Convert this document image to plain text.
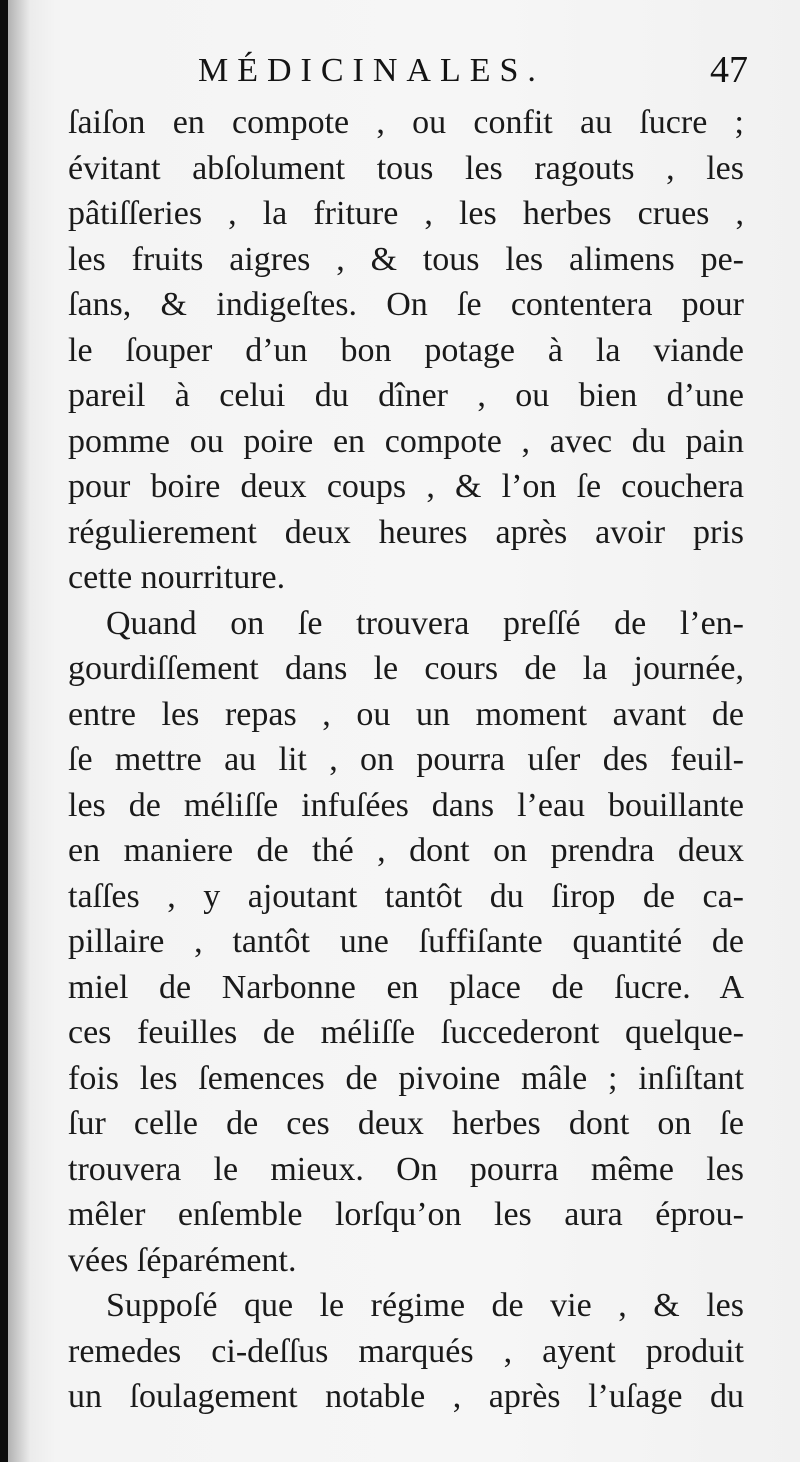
MÉDICINALES.	47

ſaiſon en compote , ou confit au ſucre ;
évitant abſolument tous les ragouts , les
pâtiſſeries , la friture , les herbes crues ,
les fruits aigres , & tous les alimens pe-
ſans, & indigeſtes. On ſe contentera pour
le ſouper d’un bon potage à la viande
pareil à celui du dîner , ou bien d’une
pomme ou poire en compote , avec du pain
pour boire deux coups , & l’on ſe couchera
régulierement deux heures après avoir pris
cette nourriture.

Quand on ſe trouvera preſſé de l’en-
gourdiſſement dans le cours de la journée,
entre les repas , ou un moment avant de
ſe mettre au lit , on pourra uſer des feuil-
les de méliſſe infuſées dans l’eau bouillante
en maniere de thé , dont on prendra deux
taſſes , y ajoutant tantôt du ſirop de ca-
pillaire , tantôt une ſuffiſante quantité de
miel de Narbonne en place de ſucre. A
ces feuilles de méliſſe ſuccederont quelque-
fois les ſemences de pivoine mâle ; inſiſtant
ſur celle de ces deux herbes dont on ſe
trouvera le mieux. On pourra même les
mêler enſemble lorſqu’on les aura éprou-
vées ſéparément.

Suppoſé que le régime de vie , & les
remedes ci-deſſus marqués , ayent produit
un ſoulagement notable , après l’uſage du
